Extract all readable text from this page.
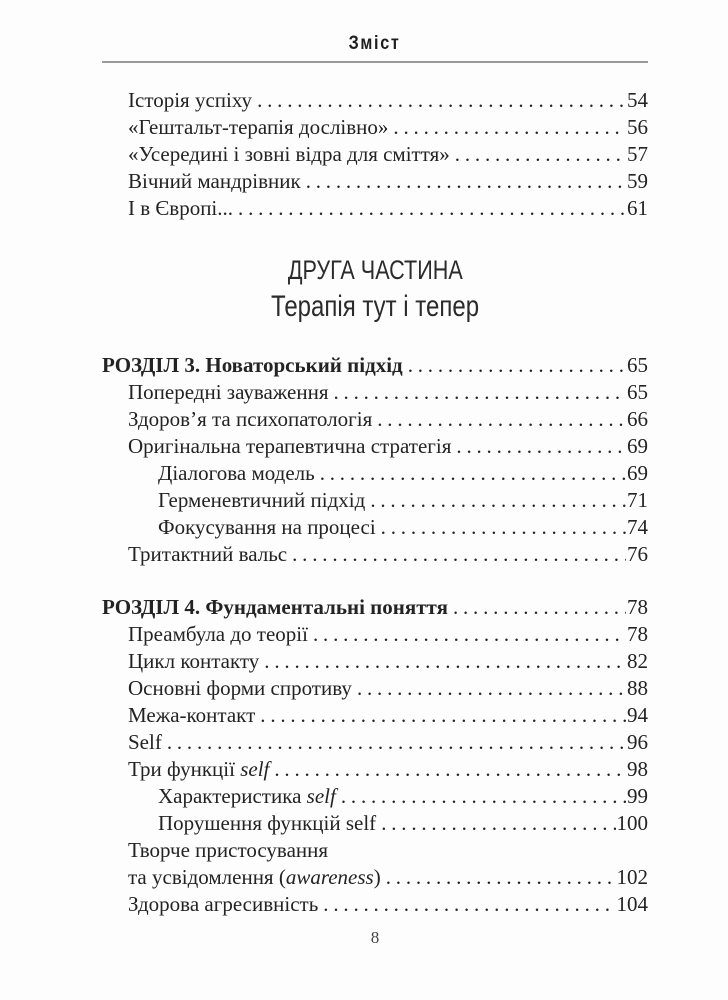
Зміст
Історія успіху .....	54
«Гештальт-терапія дослівно» .....	56
«Усередині і зовні відра для сміття» .....	57
Вічний мандрівник .....	59
І в Європі... .....	61
ДРУГА ЧАСТИНА
Терапія тут і тепер
РОЗДІЛ 3. Новаторський підхід .....	65
Попередні зауваження .....	65
Здоров’я та психопатологія .....	66
Оригінальна терапевтична стратегія .....	69
Діалогова модель .....	69
Герменевтичний підхід .....	71
Фокусування на процесі .....	74
Тритактний вальс .....	76
РОЗДІЛ 4. Фундаментальні поняття .....	78
Преамбула до теорії .....	78
Цикл контакту .....	82
Основні форми спротиву .....	88
Межа-контакт .....	94
Self .....	96
Три функції self .....	98
Характеристика self .....	99
Порушення функцій self .....	100
Творче пристосування
та усвідомлення (awareness) .....	102
Здорова агресивність .....	104
8
